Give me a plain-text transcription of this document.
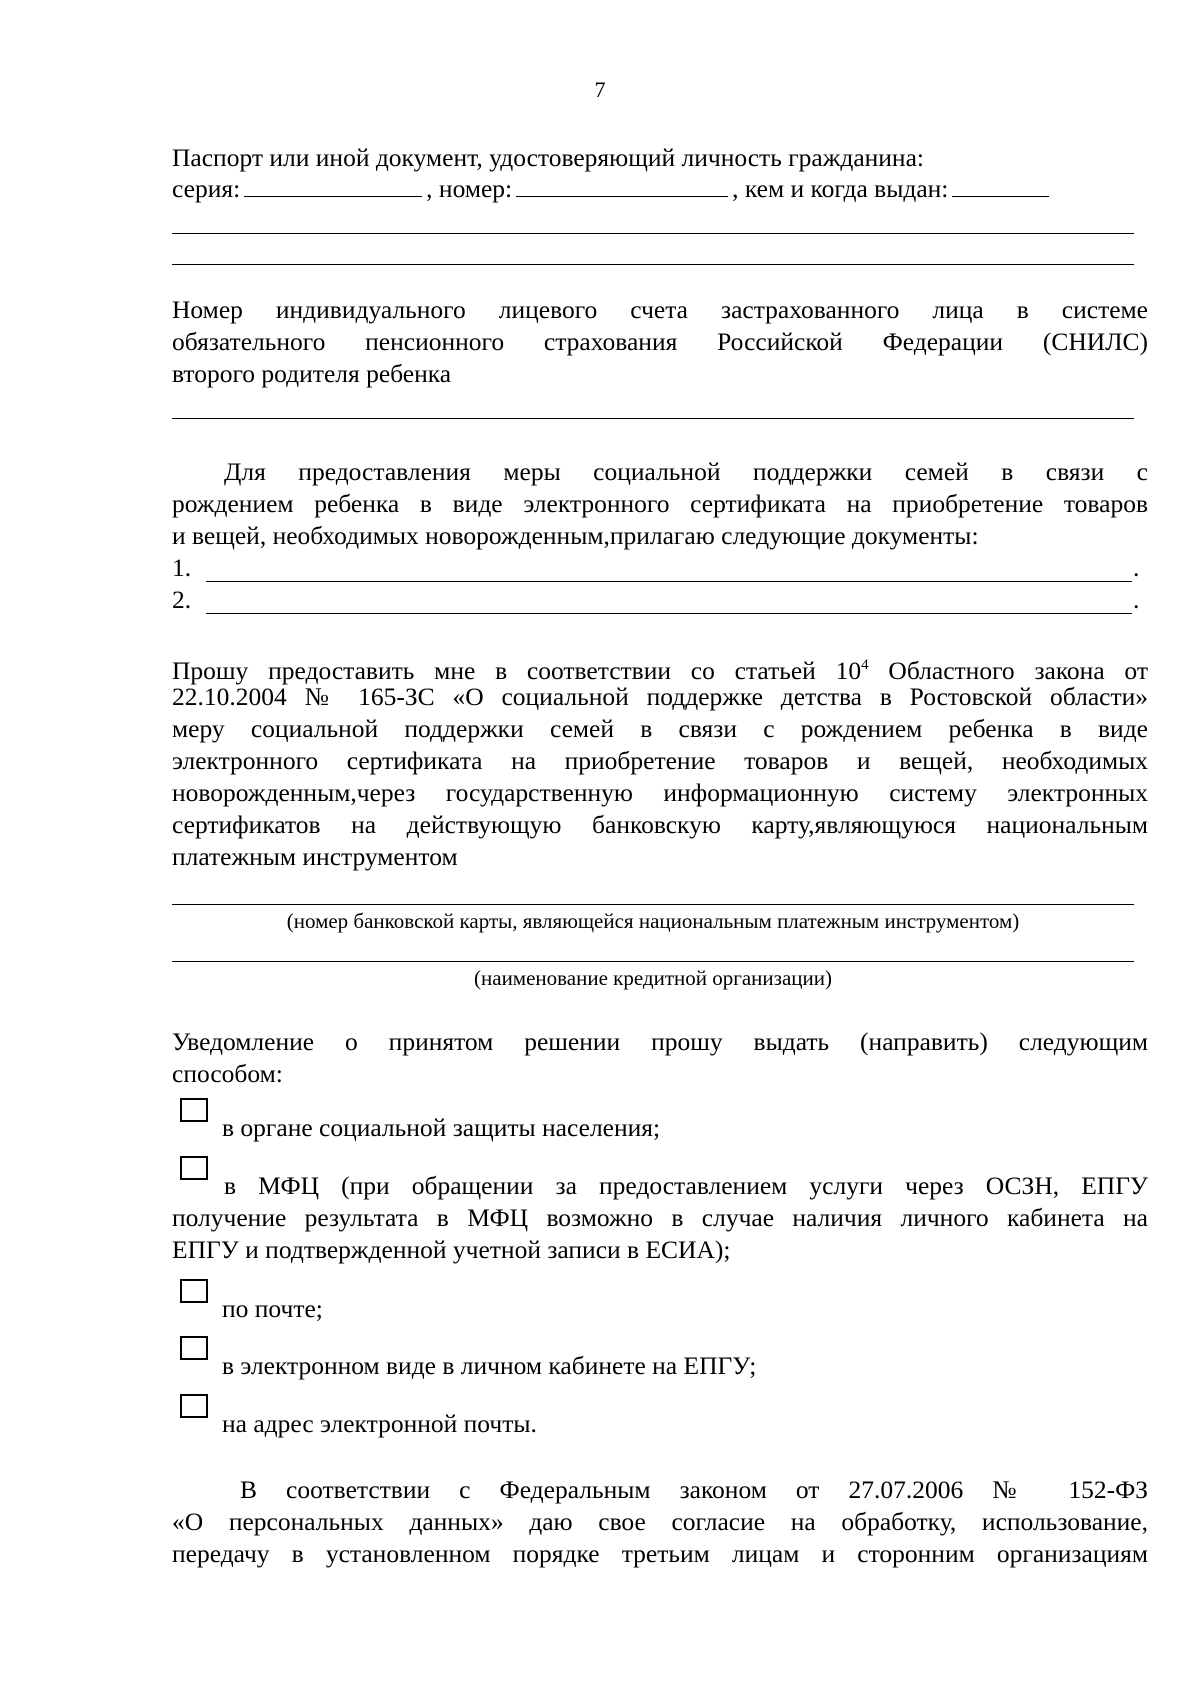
7
Паспорт или иной документ, удостоверяющий личность гражданина:
серия:	, номер:	, кем и когда выдан:
Номер индивидуального лицевого счета застрахованного лица в системе
обязательного пенсионного страхования Российской Федерации (СНИЛС)
второго родителя ребенка
Для предоставления меры социальной поддержки семей в связи с
рождением ребенка в виде электронного сертификата на приобретение товаров
и вещей, необходимых новорожденным,прилагаю следующие документы:
1.	.
2.	.
Прошу предоставить мне в соответствии со статьей $10^4$ Областного закона от
22.10.2004 № 165-ЗС «О социальной поддержке детства в Ростовской области»
меру социальной поддержки семей в связи с рождением ребенка в виде
электронного сертификата на приобретение товаров и вещей, необходимых
новорожденным,через государственную информационную систему электронных
сертификатов на действующую банковскую карту,являющуюся национальным
платежным инструментом
(номер банковской карты, являющейся национальным платежным инструментом)
(наименование кредитной организации)
Уведомление о принятом решении прошу выдать (направить) следующим
способом:
в органе социальной защиты населения;
в МФЦ (при обращении за предоставлением услуги через ОСЗН, ЕПГУ
получение результата в МФЦ возможно в случае наличия личного кабинета на
ЕПГУ и подтвержденной учетной записи в ЕСИА);
по почте;
в электронном виде в личном кабинете на ЕПГУ;
на адрес электронной почты.
В соответствии с Федеральным законом от 27.07.2006 № 152-ФЗ
«О персональных данных» даю свое согласие на обработку, использование,
передачу в установленном порядке третьим лицам и сторонним организациям
